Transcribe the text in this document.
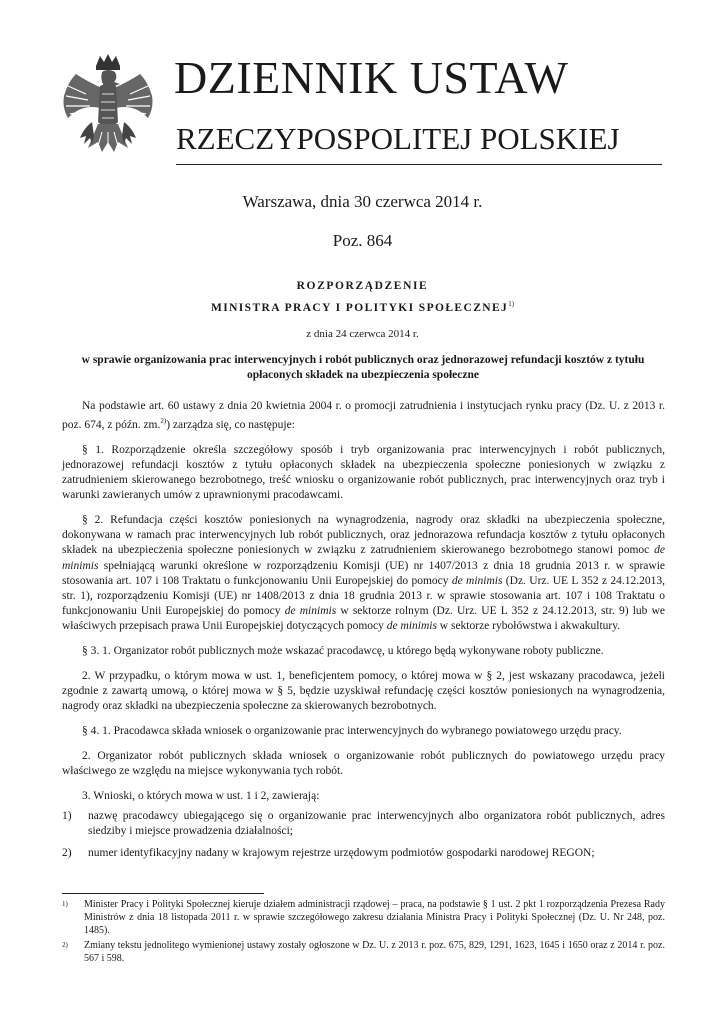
DZIENNIK USTAW
RZECZYPOSPOLITEJ POLSKIEJ
Warszawa, dnia 30 czerwca 2014 r.
Poz. 864
ROZPORZĄDZENIE
MINISTRA PRACY I POLITYKI SPOŁECZNEJ$^{1)}$
z dnia 24 czerwca 2014 r.
w sprawie organizowania prac interwencyjnych i robót publicznych oraz jednorazowej refundacji kosztów z tytułu opłaconych składek na ubezpieczenia społeczne

Na podstawie art. 60 ustawy z dnia 20 kwietnia 2004 r. o promocji zatrudnienia i instytucjach rynku pracy (Dz. U. z 2013 r. poz. 674, z późn. zm.$^{2)}$) zarządza się, co następuje:

§ 1. Rozporządzenie określa szczegółowy sposób i tryb organizowania prac interwencyjnych i robót publicznych, jednorazowej refundacji kosztów z tytułu opłaconych składek na ubezpieczenia społeczne poniesionych w związku z zatrudnieniem skierowanego bezrobotnego, treść wniosku o organizowanie robót publicznych, prac interwencyjnych oraz tryb i warunki zawieranych umów z uprawnionymi pracodawcami.

§ 2. Refundacja części kosztów poniesionych na wynagrodzenia, nagrody oraz składki na ubezpieczenia społeczne, dokonywana w ramach prac interwencyjnych lub robót publicznych, oraz jednorazowa refundacja kosztów z tytułu opłaconych składek na ubezpieczenia społeczne poniesionych w związku z zatrudnieniem skierowanego bezrobotnego stanowi pomoc de minimis spełniającą warunki określone w rozporządzeniu Komisji (UE) nr 1407/2013 z dnia 18 grudnia 2013 r. w sprawie stosowania art. 107 i 108 Traktatu o funkcjonowaniu Unii Europejskiej do pomocy de minimis (Dz. Urz. UE L 352 z 24.12.2013, str. 1), rozporządzeniu Komisji (UE) nr 1408/2013 z dnia 18 grudnia 2013 r. w sprawie stosowania art. 107 i 108 Traktatu o funkcjonowaniu Unii Europejskiej do pomocy de minimis w sektorze rolnym (Dz. Urz. UE L 352 z 24.12.2013, str. 9) lub we właściwych przepisach prawa Unii Europejskiej dotyczących pomocy de minimis w sektorze rybołówstwa i akwakultury.

§ 3. 1. Organizator robót publicznych może wskazać pracodawcę, u którego będą wykonywane roboty publiczne.

2. W przypadku, o którym mowa w ust. 1, beneficjentem pomocy, o której mowa w § 2, jest wskazany pracodawca, jeżeli zgodnie z zawartą umową, o której mowa w § 5, będzie uzyskiwał refundację części kosztów poniesionych na wynagrodzenia, nagrody oraz składki na ubezpieczenia społeczne za skierowanych bezrobotnych.

§ 4. 1. Pracodawca składa wniosek o organizowanie prac interwencyjnych do wybranego powiatowego urzędu pracy.

2. Organizator robót publicznych składa wniosek o organizowanie robót publicznych do powiatowego urzędu pracy właściwego ze względu na miejsce wykonywania tych robót.

3. Wnioski, o których mowa w ust. 1 i 2, zawierają:

1)	nazwę pracodawcy ubiegającego się o organizowanie prac interwencyjnych albo organizatora robót publicznych, adres siedziby i miejsce prowadzenia działalności;
2)	numer identyfikacyjny nadany w krajowym rejestrze urzędowym podmiotów gospodarki narodowej REGON;
1)	Minister Pracy i Polityki Społecznej kieruje działem administracji rządowej – praca, na podstawie § 1 ust. 2 pkt 1 rozporządzenia Prezesa Rady Ministrów z dnia 18 listopada 2011 r. w sprawie szczegółowego zakresu działania Ministra Pracy i Polityki Społecznej (Dz. U. Nr 248, poz. 1485).
2)	Zmiany tekstu jednolitego wymienionej ustawy zostały ogłoszone w Dz. U. z 2013 r. poz. 675, 829, 1291, 1623, 1645 i 1650 oraz z 2014 r. poz. 567 i 598.
